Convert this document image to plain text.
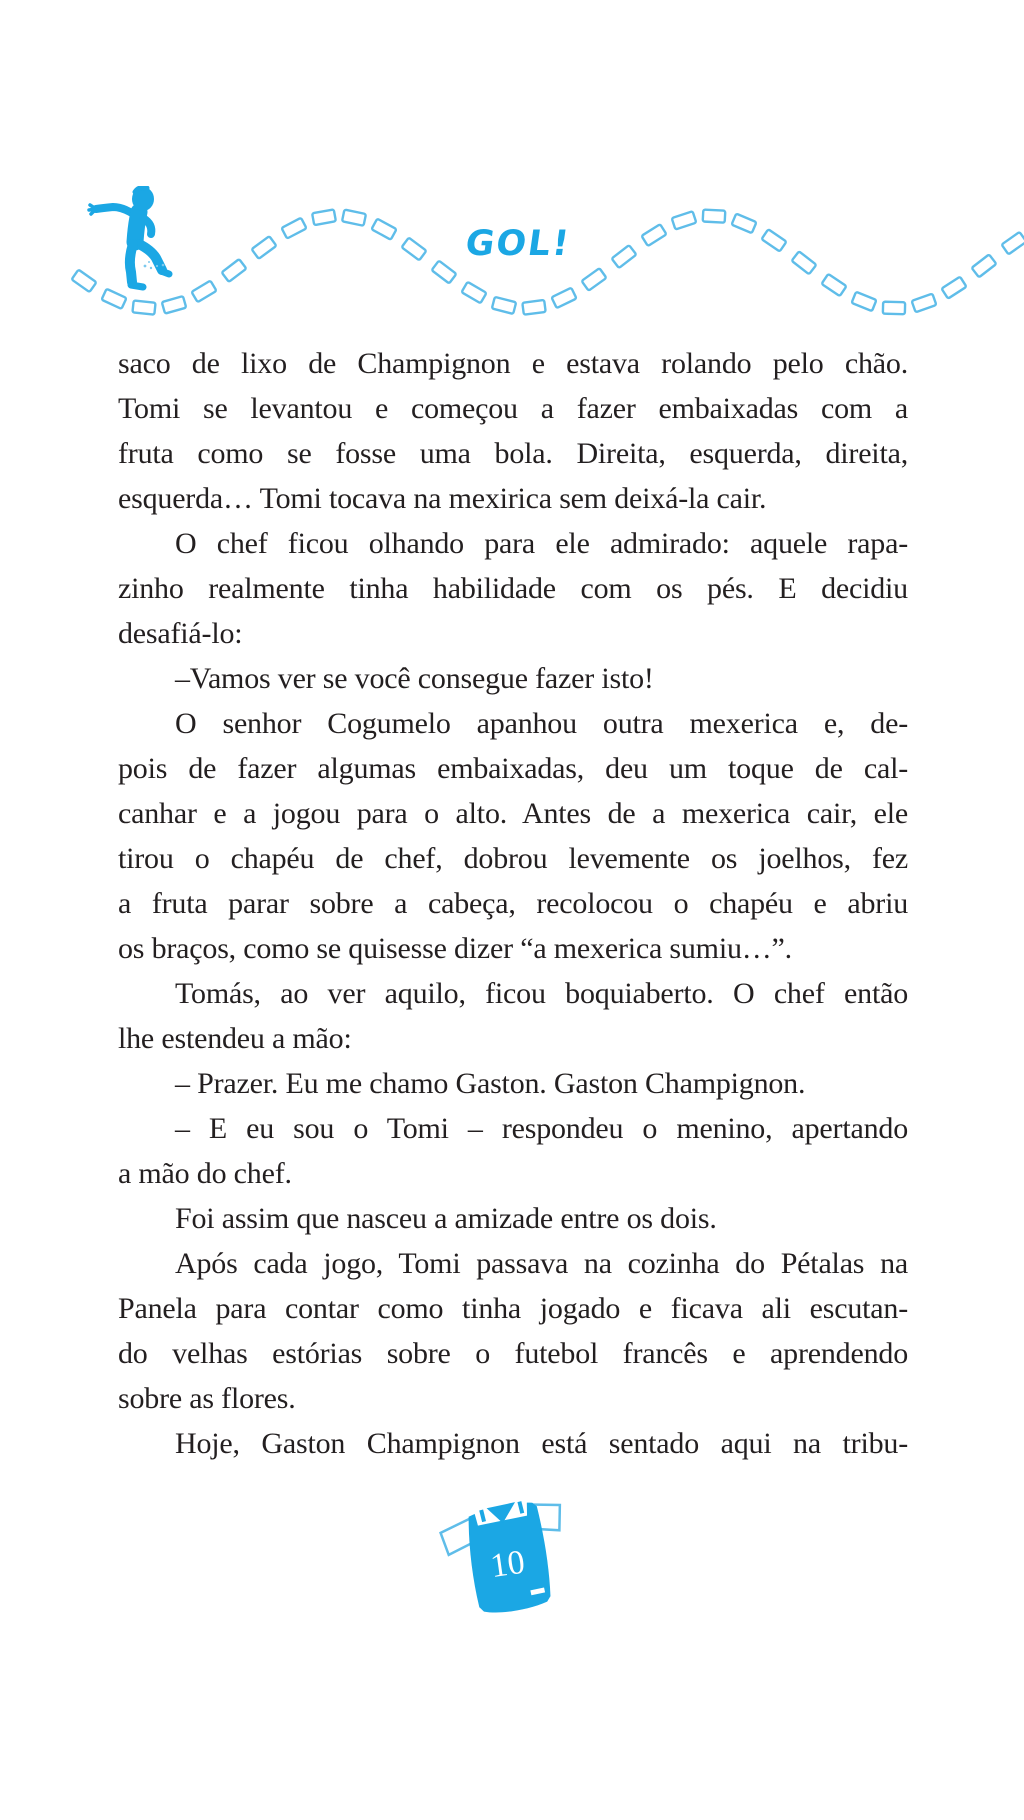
GOL!
saco de lixo de Champignon e estava rolando pelo chão.
Tomi se levantou e começou a fazer embaixadas com a
fruta como se fosse uma bola. Direita, esquerda, direita,
esquerda… Tomi tocava na mexirica sem deixá-la cair.
O chef ficou olhando para ele admirado: aquele rapa-
zinho realmente tinha habilidade com os pés. E decidiu
desafiá-lo:
–Vamos ver se você consegue fazer isto!
O senhor Cogumelo apanhou outra mexerica e, de-
pois de fazer algumas embaixadas, deu um toque de cal-
canhar e a jogou para o alto. Antes de a mexerica cair, ele
tirou o chapéu de chef, dobrou levemente os joelhos, fez
a fruta parar sobre a cabeça, recolocou o chapéu e abriu
os braços, como se quisesse dizer “a mexerica sumiu…”.
Tomás, ao ver aquilo, ficou boquiaberto. O chef então
lhe estendeu a mão:
– Prazer. Eu me chamo Gaston. Gaston Champignon.
– E eu sou o Tomi – respondeu o menino, apertando
a mão do chef.
Foi assim que nasceu a amizade entre os dois.
Após cada jogo, Tomi passava na cozinha do Pétalas na
Panela para contar como tinha jogado e ficava ali escutan-
do velhas estórias sobre o futebol francês e aprendendo
sobre as flores.
Hoje, Gaston Champignon está sentado aqui na tribu-
10
